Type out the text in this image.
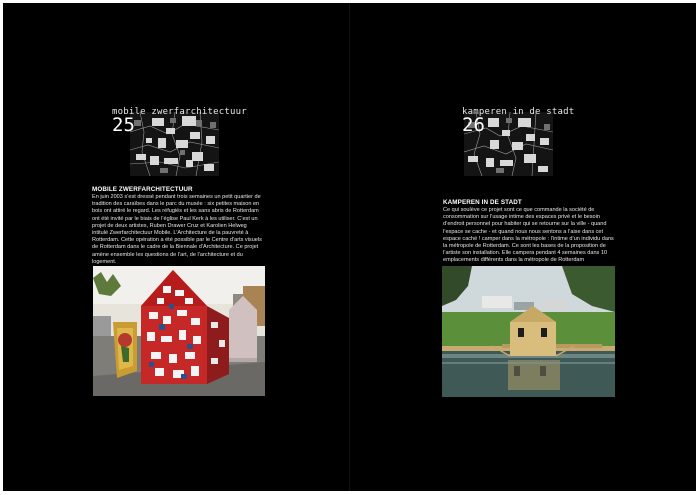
mobile zwerfarchitectuur
25
MOBILE ZWERFARCHITECTUUR

En juin 2003 s’est dressé pendant trois semaines un petit quartier de tradition des caraïbes dans le parc du musée : six petites maison en bois ont attiré le regard. Les réfugiés et les sans abris de Rotterdam ont été invité par le biais de l’église Paul Kerk à les utiliser. C’est un projet de deux artistes, Ruben Drawer Cruz et Karolien Helweg intitulé Zwerfarchitectuur Mobile. L’Architecture de la pauvreté à Rotterdam. Cette opération a été possible par le Centre d’arts visuels de Rotterdam dans le cadre de la Biennale d’Architecture. Ce projet amène ensemble les questions de l’art, de l’architecture et du logement.

kamperen in de stadt
26
KAMPEREN IN DE STADT

Ce qui soulève ce projet sont ce que commande la société de consommation sur l’usage intime des espaces privé et le besoin d’endroit personnel pour habiter qui se retourne sur la ville - quand l’espace se cache - et quand nous nous sentons a l’aise dans cet espace caché ! camper dans la métropole : l’intime d’un individu dans la métropole de Rotterdam. Ce sont les bases de la proposition de l’artiste son installation. Elle campera pendant 4 semaines dans 10 emplacements différents dans la métropole de Rotterdam
